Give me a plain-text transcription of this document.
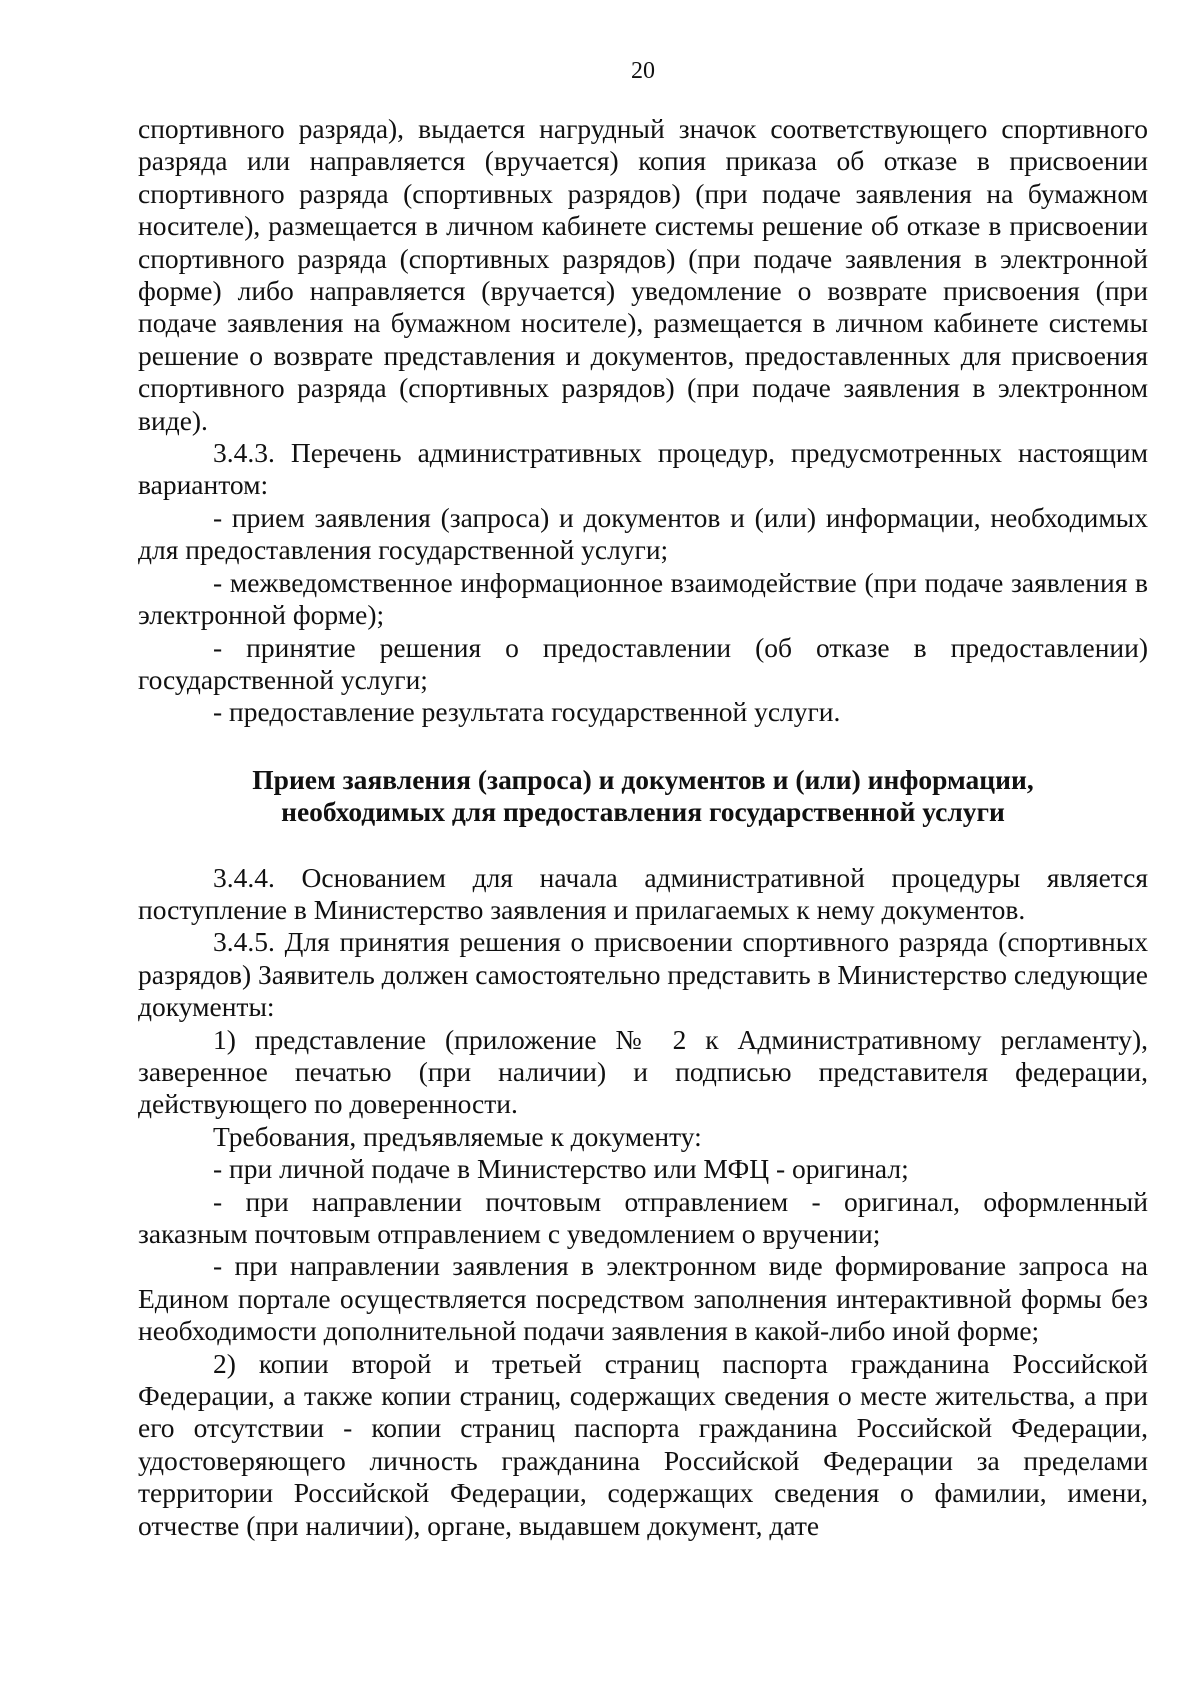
20

спортивного разряда), выдается нагрудный значок соответствующего спортивного разряда или направляется (вручается) копия приказа об отказе в присвоении спортивного разряда (спортивных разрядов) (при подаче заявления на бумажном носителе), размещается в личном кабинете системы решение об отказе в присвоении спортивного разряда (спортивных разрядов) (при подаче заявления в электронной форме) либо направляется (вручается) уведомление о возврате присвоения (при подаче заявления на бумажном носителе), размещается в личном кабинете системы решение о возврате представления и документов, предоставленных для присвоения спортивного разряда (спортивных разрядов) (при подаче заявления в электронном виде).

3.4.3. Перечень административных процедур, предусмотренных настоящим вариантом:

- прием заявления (запроса) и документов и (или) информации, необходимых для предоставления государственной услуги;

- межведомственное информационное взаимодействие (при подаче заявления в электронной форме);

- принятие решения о предоставлении (об отказе в предоставлении) государственной услуги;

- предоставление результата государственной услуги.

Прием заявления (запроса) и документов и (или) информации,
необходимых для предоставления государственной услуги

3.4.4. Основанием для начала административной процедуры является поступление в Министерство заявления и прилагаемых к нему документов.

3.4.5. Для принятия решения о присвоении спортивного разряда (спортивных разрядов) Заявитель должен самостоятельно представить в Министерство следующие документы:

1) представление (приложение № 2 к Административному регламенту), заверенное печатью (при наличии) и подписью представителя федерации, действующего по доверенности.

Требования, предъявляемые к документу:

- при личной подаче в Министерство или МФЦ - оригинал;

- при направлении почтовым отправлением - оригинал, оформленный заказным почтовым отправлением с уведомлением о вручении;

- при направлении заявления в электронном виде формирование запроса на Едином портале осуществляется посредством заполнения интерактивной формы без необходимости дополнительной подачи заявления в какой-либо иной форме;

2) копии второй и третьей страниц паспорта гражданина Российской Федерации, а также копии страниц, содержащих сведения о месте жительства, а при его отсутствии - копии страниц паспорта гражданина Российской Федерации, удостоверяющего личность гражданина Российской Федерации за пределами территории Российской Федерации, содержащих сведения о фамилии, имени, отчестве (при наличии), органе, выдавшем документ, дате
